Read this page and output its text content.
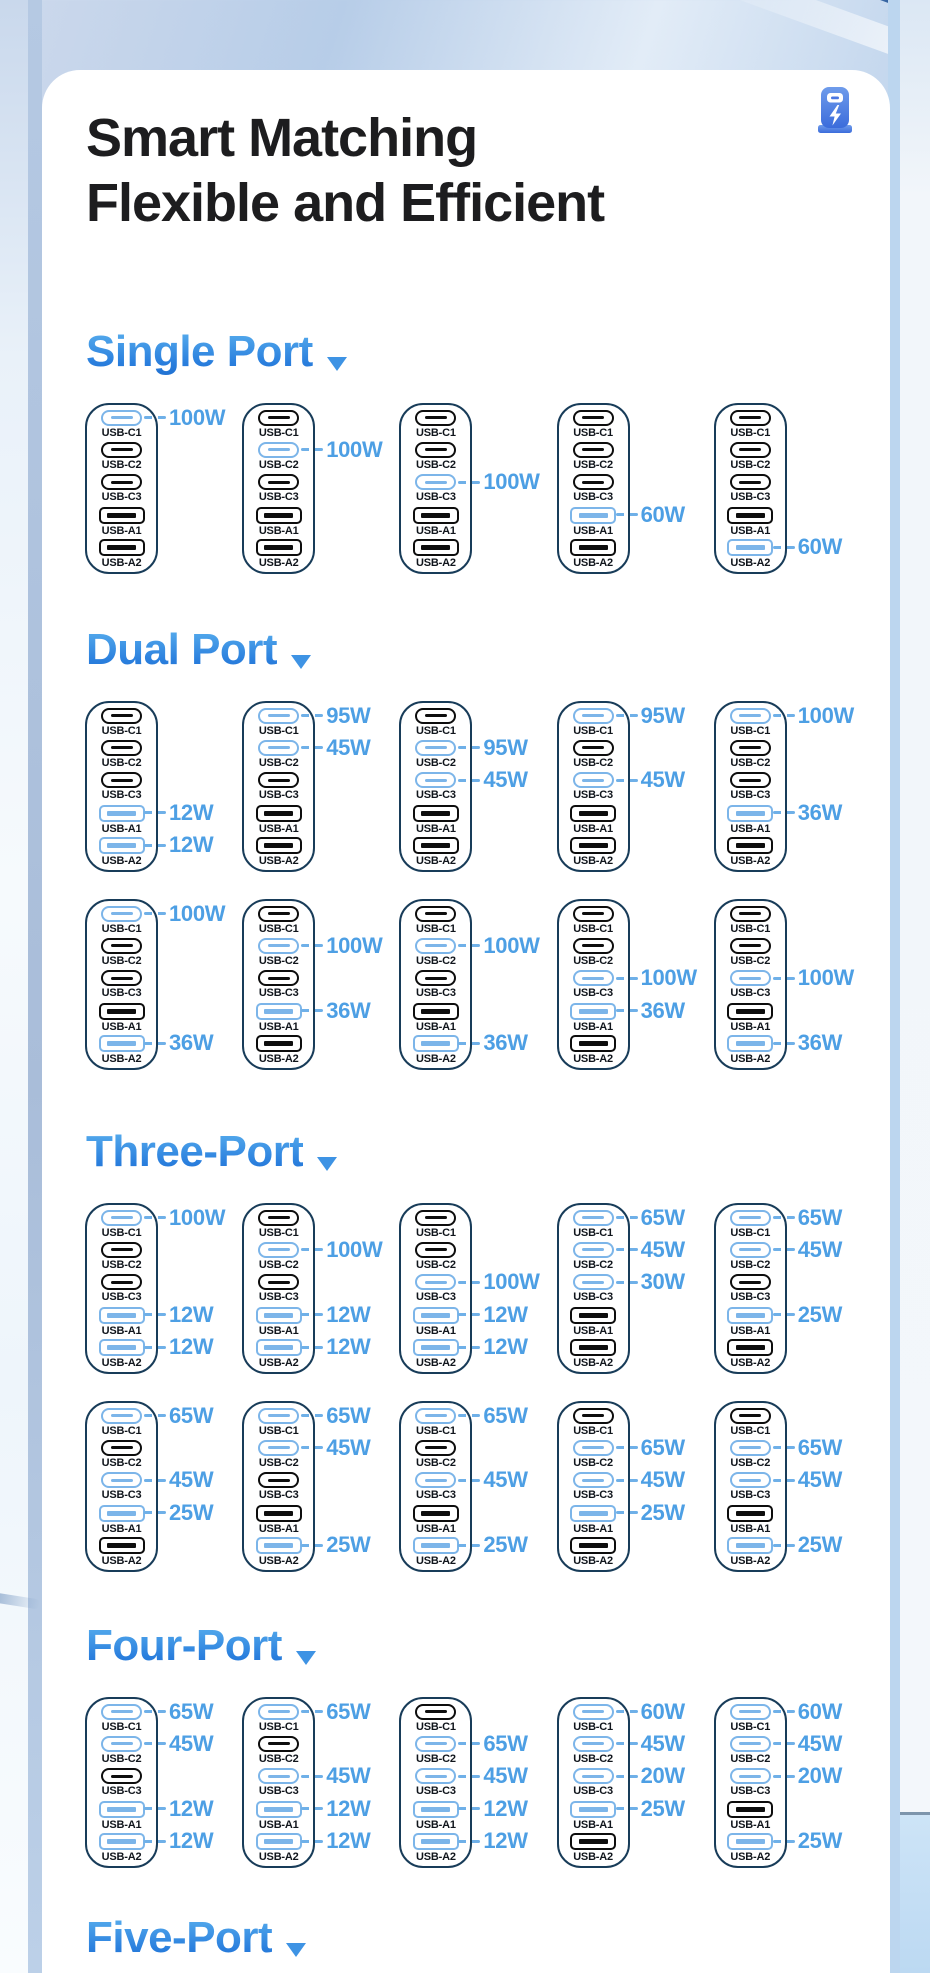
Smart Matching
Flexible and Efficient
Single Port
USB-C1
100W
USB-C2
USB-C3
USB-A1
USB-A2
USB-C1
USB-C2
100W
USB-C3
USB-A1
USB-A2
USB-C1
USB-C2
USB-C3
100W
USB-A1
USB-A2
USB-C1
USB-C2
USB-C3
USB-A1
60W
USB-A2
USB-C1
USB-C2
USB-C3
USB-A1
USB-A2
60W
Dual Port
USB-C1
USB-C2
USB-C3
USB-A1
12W
USB-A2
12W
USB-C1
95W
USB-C2
45W
USB-C3
USB-A1
USB-A2
USB-C1
USB-C2
95W
USB-C3
45W
USB-A1
USB-A2
USB-C1
95W
USB-C2
USB-C3
45W
USB-A1
USB-A2
USB-C1
100W
USB-C2
USB-C3
USB-A1
36W
USB-A2
USB-C1
100W
USB-C2
USB-C3
USB-A1
USB-A2
36W
USB-C1
USB-C2
100W
USB-C3
USB-A1
36W
USB-A2
USB-C1
USB-C2
100W
USB-C3
USB-A1
USB-A2
36W
USB-C1
USB-C2
USB-C3
100W
USB-A1
36W
USB-A2
USB-C1
USB-C2
USB-C3
100W
USB-A1
USB-A2
36W
Three-Port
USB-C1
100W
USB-C2
USB-C3
USB-A1
12W
USB-A2
12W
USB-C1
USB-C2
100W
USB-C3
USB-A1
12W
USB-A2
12W
USB-C1
USB-C2
USB-C3
100W
USB-A1
12W
USB-A2
12W
USB-C1
65W
USB-C2
45W
USB-C3
30W
USB-A1
USB-A2
USB-C1
65W
USB-C2
45W
USB-C3
USB-A1
25W
USB-A2
USB-C1
65W
USB-C2
USB-C3
45W
USB-A1
25W
USB-A2
USB-C1
65W
USB-C2
45W
USB-C3
USB-A1
USB-A2
25W
USB-C1
65W
USB-C2
USB-C3
45W
USB-A1
USB-A2
25W
USB-C1
USB-C2
65W
USB-C3
45W
USB-A1
25W
USB-A2
USB-C1
USB-C2
65W
USB-C3
45W
USB-A1
USB-A2
25W
Four-Port
USB-C1
65W
USB-C2
45W
USB-C3
USB-A1
12W
USB-A2
12W
USB-C1
65W
USB-C2
USB-C3
45W
USB-A1
12W
USB-A2
12W
USB-C1
USB-C2
65W
USB-C3
45W
USB-A1
12W
USB-A2
12W
USB-C1
60W
USB-C2
45W
USB-C3
20W
USB-A1
25W
USB-A2
USB-C1
60W
USB-C2
45W
USB-C3
20W
USB-A1
USB-A2
25W
Five-Port
